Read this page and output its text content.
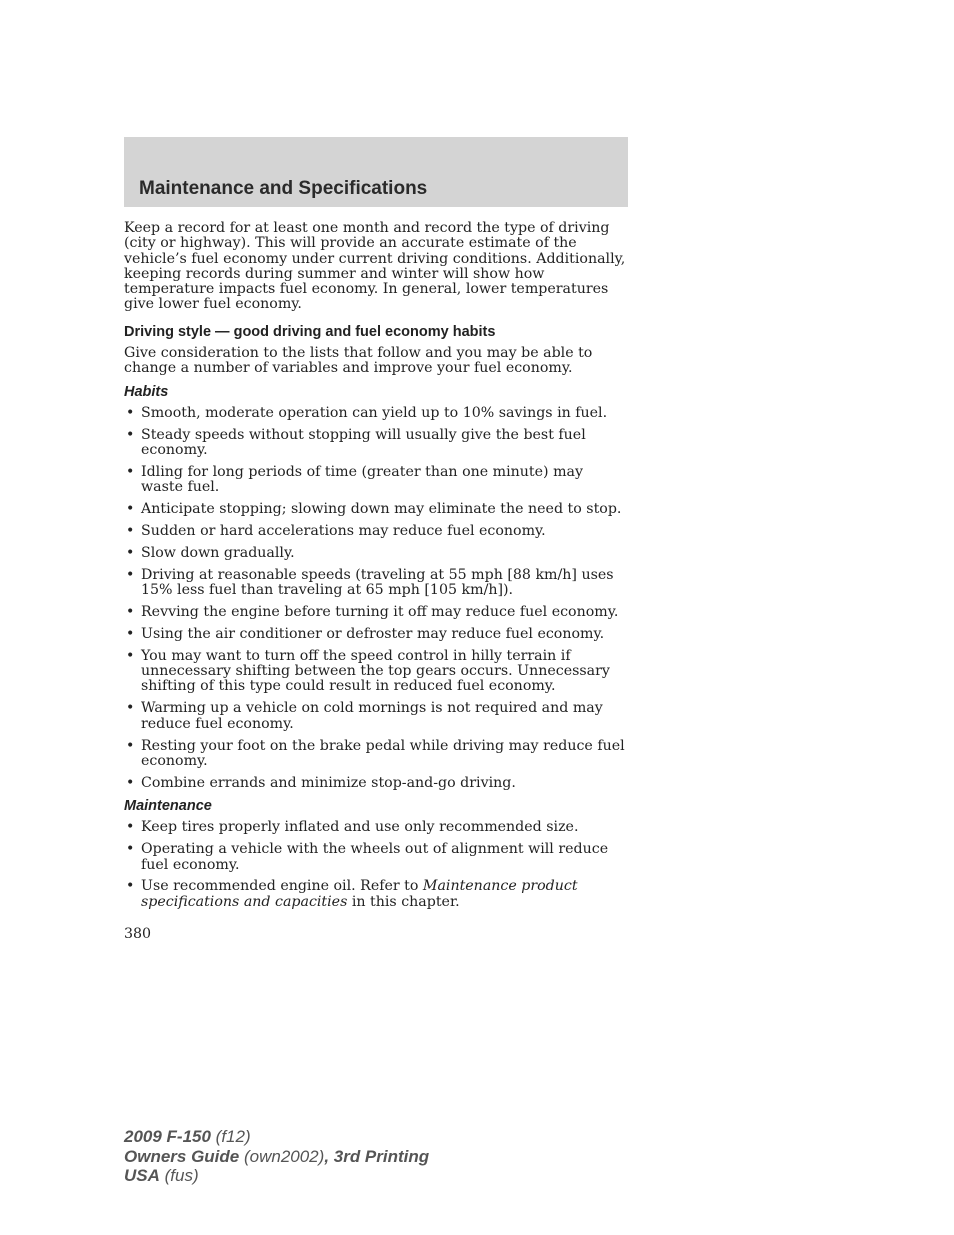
Maintenance and Specifications

Keep a record for at least one month and record the type of driving (city or highway). This will provide an accurate estimate of the vehicle’s fuel economy under current driving conditions. Additionally, keeping records during summer and winter will show how temperature impacts fuel economy. In general, lower temperatures give lower fuel economy.

Driving style — good driving and fuel economy habits

Give consideration to the lists that follow and you may be able to change a number of variables and improve your fuel economy.

Habits
• Smooth, moderate operation can yield up to 10% savings in fuel.
• Steady speeds without stopping will usually give the best fuel economy.
• Idling for long periods of time (greater than one minute) may waste fuel.
• Anticipate stopping; slowing down may eliminate the need to stop.
• Sudden or hard accelerations may reduce fuel economy.
• Slow down gradually.
• Driving at reasonable speeds (traveling at 55 mph [88 km/h] uses 15% less fuel than traveling at 65 mph [105 km/h]).
• Revving the engine before turning it off may reduce fuel economy.
• Using the air conditioner or defroster may reduce fuel economy.
• You may want to turn off the speed control in hilly terrain if unnecessary shifting between the top gears occurs. Unnecessary shifting of this type could result in reduced fuel economy.
• Warming up a vehicle on cold mornings is not required and may reduce fuel economy.
• Resting your foot on the brake pedal while driving may reduce fuel economy.
• Combine errands and minimize stop-and-go driving.
Maintenance
• Keep tires properly inflated and use only recommended size.
• Operating a vehicle with the wheels out of alignment will reduce fuel economy.
• Use recommended engine oil. Refer to Maintenance product specifications and capacities in this chapter.
380
2009 F-150 (f12)
Owners Guide (own2002), 3rd Printing
USA (fus)
